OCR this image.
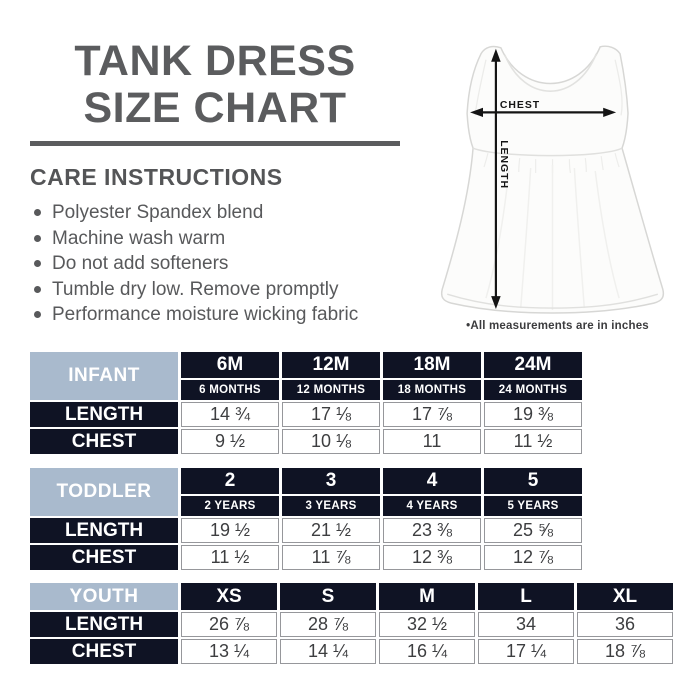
TANK DRESS
SIZE CHART
CARE INSTRUCTIONS
Polyester Spandex blend
Machine wash warm
Do not add softeners
Tumble dry low. Remove promptly
Performance moisture wicking fabric
CHEST
LENGTH
•All measurements are in inches
INFANT	6M	12M	18M	24M
	6 MONTHS	12 MONTHS	18 MONTHS	24 MONTHS
LENGTH	14 ¾	17 ⅛	17 ⅞	19 ⅜
CHEST	9 ½	10 ⅛	11	11 ½
TODDLER	2	3	4	5
	2 YEARS	3 YEARS	4 YEARS	5 YEARS
LENGTH	19 ½	21 ½	23 ⅜	25 ⅝
CHEST	11 ½	11 ⅞	12 ⅜	12 ⅞
YOUTH	XS	S	M	L	XL
LENGTH	26 ⅞	28 ⅞	32 ½	34	36
CHEST	13 ¼	14 ¼	16 ¼	17 ¼	18 ⅞
